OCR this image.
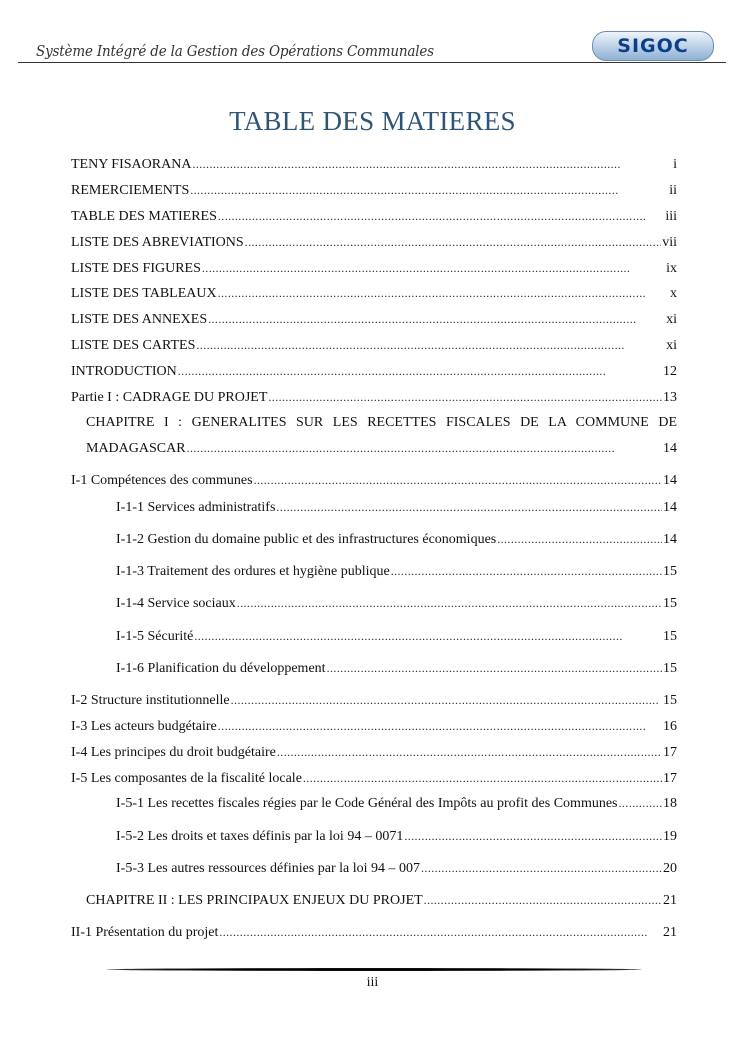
Système Intégré de la Gestion des Opérations Communales	SIGOC
TABLE DES MATIERES
TENY FISAORANA . . .	i
REMERCIEMENTS . . .	ii
TABLE DES MATIERES . . .	iii
LISTE DES ABREVIATIONS . . .	vii
LISTE DES FIGURES . . .	ix
LISTE DES TABLEAUX . . .	x
LISTE DES ANNEXES . . .	xi
LISTE DES CARTES . . .	xi
INTRODUCTION . . .	12
Partie I : CADRAGE DU PROJET . . .	13
CHAPITRE I : GENERALITES SUR LES RECETTES FISCALES DE LA COMMUNE DE
MADAGASCAR . . .	14
I-1 Compétences des communes . . .	14
I-1-1 Services administratifs . . .	14
I-1-2 Gestion du domaine public et des infrastructures économiques . . .	14
I-1-3 Traitement des ordures et hygiène publique . . .	15
I-1-4 Service sociaux . . .	15
I-1-5 Sécurité . . .	15
I-1-6 Planification du développement . . .	15
I-2 Structure institutionnelle . . .	15
I-3 Les acteurs budgétaire . . .	16
I-4 Les principes du droit budgétaire . . .	17
I-5 Les composantes de la fiscalité locale . . .	17
I-5-1 Les recettes fiscales régies par le Code Général des Impôts au profit des Communes . . .	18
I-5-2 Les droits et taxes définis par la loi 94 – 0071 . . .	19
I-5-3 Les autres ressources définies par la loi 94 – 007 . . .	20
CHAPITRE II : LES PRINCIPAUX ENJEUX DU PROJET . . .	21
II-1 Présentation du projet . . .	21
iii
